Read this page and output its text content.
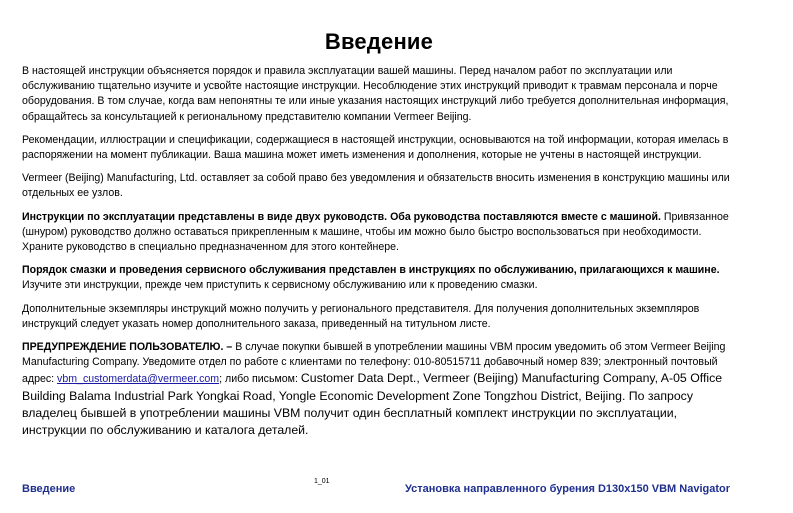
Введение

В настоящей инструкции объясняется порядок и правила эксплуатации вашей машины. Перед началом работ по эксплуатации или обслуживанию тщательно изучите и усвойте настоящие инструкции. Несоблюдение этих инструкций приводит к травмам персонала и порче оборудования. В том случае, когда вам непонятны те или иные указания настоящих инструкций либо требуется дополнительная информация, обращайтесь за консультацией к региональному представителю компании Vermeer Beijing.

Рекомендации, иллюстрации и спецификации, содержащиеся в настоящей инструкции, основываются на той информации, которая имелась в распоряжении на момент публикации. Ваша машина может иметь изменения и дополнения, которые не учтены в настоящей инструкции.

Vermeer (Beijing) Manufacturing, Ltd. оставляет за собой право без уведомления и обязательств вносить изменения в конструкцию машины или отдельных ее узлов.

Инструкции по эксплуатации представлены в виде двух руководств. Оба руководства поставляются вместе с машиной. Привязанное (шнуром) руководство должно оставаться прикрепленным к машине, чтобы им можно было быстро воспользоваться при необходимости. Храните руководство в специально предназначенном для этого контейнере.

Порядок смазки и проведения сервисного обслуживания представлен в инструкциях по обслуживанию, прилагающихся к машине. Изучите эти инструкции, прежде чем приступить к сервисному обслуживанию или к проведению смазки.

Дополнительные экземпляры инструкций можно получить у регионального представителя. Для получения дополнительных экземпляров инструкций следует указать номер дополнительного заказа, приведенный на титульном листе.

ПРЕДУПРЕЖДЕНИЕ ПОЛЬЗОВАТЕЛЮ. – В случае покупки бывшей в употреблении машины VBM просим уведомить об этом Vermeer Beijing Manufacturing Company. Уведомите отдел по работе с клиентами по телефону: 010-80515711 добавочный номер 839; электронный почтовый адрес: vbm_customerdata@vermeer.com; либо письмом: Customer Data Dept., Vermeer (Beijing) Manufacturing Company, A-05 Office Building Balama Industrial Park Yongkai Road, Yongle Economic Development Zone Tongzhou District, Beijing. По запросу владелец бывшей в употреблении машины VBM получит один бесплатный комплект инструкции по эксплуатации, инструкции по обслуживанию и каталога деталей.

1_01
Введение	Установка направленного бурения D130x150 VBM Navigator
